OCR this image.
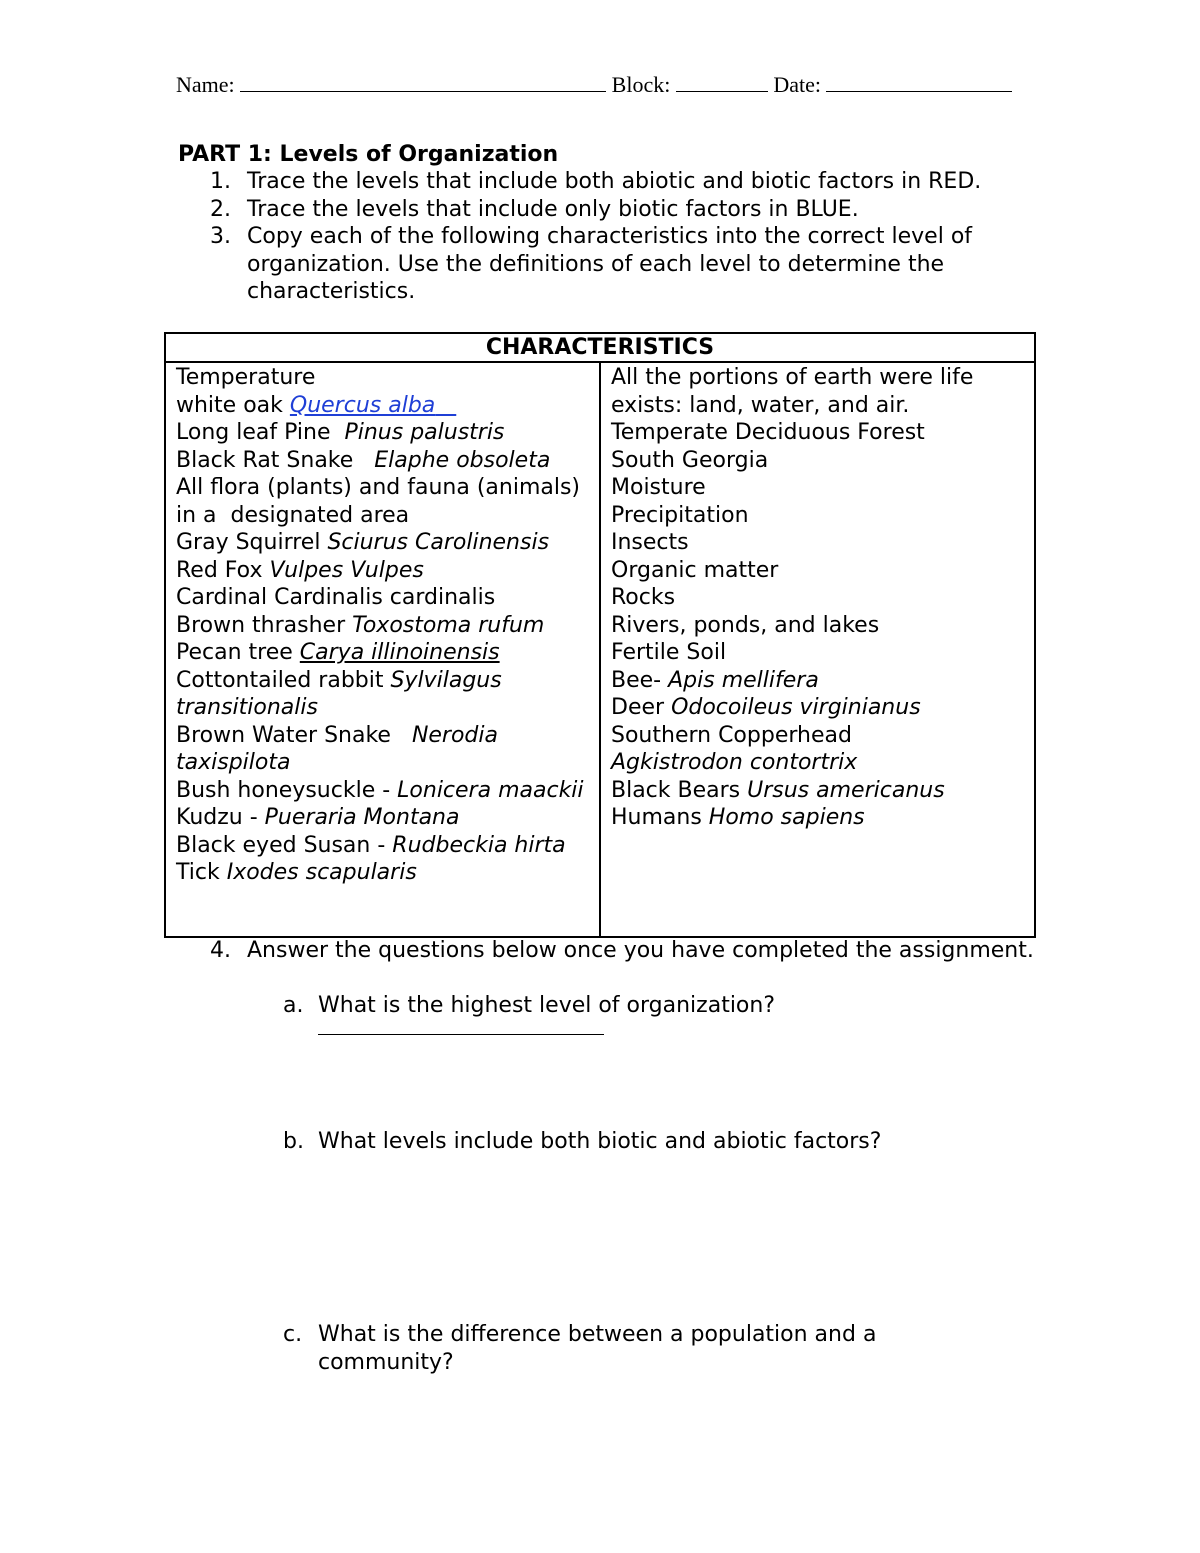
Name:	Block:	Date:
PART 1: Levels of Organization
1. Trace the levels that include both abiotic and biotic factors in RED.
2. Trace the levels that include only biotic factors in BLUE.
3. Copy each of the following characteristics into the correct level of organization. Use the definitions of each level to determine the characteristics.
CHARACTERISTICS

Temperature
white oak Quercus alba
Long leaf Pine  Pinus palustris
Black Rat Snake   Elaphe obsoleta
All flora (plants) and fauna (animals) in a  designated area
Gray Squirrel Sciurus Carolinensis
Red Fox Vulpes Vulpes
Cardinal Cardinalis cardinalis
Brown thrasher Toxostoma rufum
Pecan tree Carya illinoinensis
Cottontailed rabbit Sylvilagus transitionalis
Brown Water Snake   Nerodia taxispilota
Bush honeysuckle - Lonicera maackii
Kudzu - Pueraria Montana
Black eyed Susan - Rudbeckia hirta
Tick Ixodes scapularis

All the portions of earth were life exists: land, water, and air.
Temperate Deciduous Forest
South Georgia
Moisture
Precipitation
Insects
Organic matter
Rocks
Rivers, ponds, and lakes
Fertile Soil
Bee- Apis mellifera
Deer Odocoileus virginianus
Southern Copperhead
Agkistrodon contortrix
Black Bears Ursus americanus
Humans Homo sapiens
4. Answer the questions below once you have completed the assignment.
a. What is the highest level of organization?
b. What levels include both biotic and abiotic factors?
c. What is the difference between a population and a community?
